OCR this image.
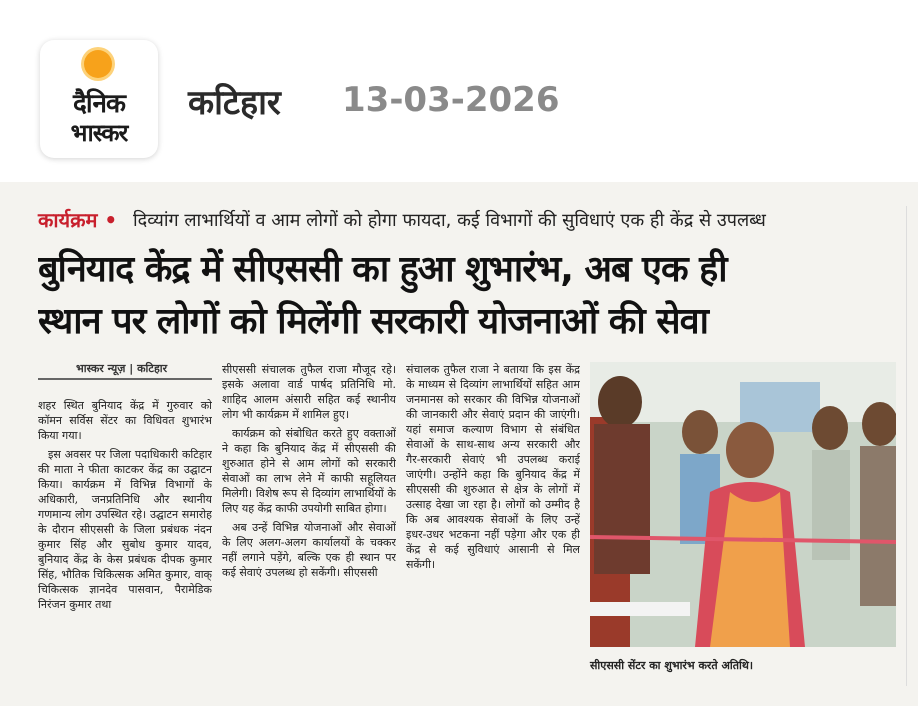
दैनिक
भास्कर
कटिहार 13-03-2026
कार्यक्रम • दिव्यांग लाभार्थियों व आम लोगों को होगा फायदा, कई विभागों की सुविधाएं एक ही केंद्र से उपलब्ध
बुनियाद केंद्र में सीएससी का हुआ शुभारंभ, अब एक ही
स्थान पर लोगों को मिलेंगी सरकारी योजनाओं की सेवा
भास्कर न्यूज़ | कटिहार

शहर स्थित बुनियाद केंद्र में गुरुवार को कॉमन सर्विस सेंटर का विधिवत शुभारंभ किया गया।

इस अवसर पर जिला पदाधिकारी कटिहार की माता ने फीता काटकर केंद्र का उद्घाटन किया। कार्यक्रम में विभिन्न विभागों के अधिकारी, जनप्रतिनिधि और स्थानीय गणमान्य लोग उपस्थित रहे। उद्घाटन समारोह के दौरान सीएससी के जिला प्रबंधक नंदन कुमार सिंह और सुबोध कुमार यादव, बुनियाद केंद्र के केस प्रबंधक दीपक कुमार सिंह, भौतिक चिकित्सक अमित कुमार, वाक् चिकित्सक ज्ञानदेव पासवान, पैरामेडिक निरंजन कुमार तथा

सीएससी संचालक तुफैल राजा मौजूद रहे। इसके अलावा वार्ड पार्षद प्रतिनिधि मो. शाहिद आलम अंसारी सहित कई स्थानीय लोग भी कार्यक्रम में शामिल हुए।

कार्यक्रम को संबोधित करते हुए वक्ताओं ने कहा कि बुनियाद केंद्र में सीएससी की शुरुआत होने से आम लोगों को सरकारी सेवाओं का लाभ लेने में काफी सहूलियत मिलेगी। विशेष रूप से दिव्यांग लाभार्थियों के लिए यह केंद्र काफी उपयोगी साबित होगा।

अब उन्हें विभिन्न योजनाओं और सेवाओं के लिए अलग-अलग कार्यालयों के चक्कर नहीं लगाने पड़ेंगे, बल्कि एक ही स्थान पर कई सेवाएं उपलब्ध हो सकेंगी। सीएससी

संचालक तुफैल राजा ने बताया कि इस केंद्र के माध्यम से दिव्यांग लाभार्थियों सहित आम जनमानस को सरकार की विभिन्न योजनाओं की जानकारी और सेवाएं प्रदान की जाएंगी। यहां समाज कल्याण विभाग से संबंधित सेवाओं के साथ-साथ अन्य सरकारी और गैर-सरकारी सेवाएं भी उपलब्ध कराई जाएंगी। उन्होंने कहा कि बुनियाद केंद्र में सीएससी की शुरुआत से क्षेत्र के लोगों में उत्साह देखा जा रहा है। लोगों को उम्मीद है कि अब आवश्यक सेवाओं के लिए उन्हें इधर-उधर भटकना नहीं पड़ेगा और एक ही केंद्र से कई सुविधाएं आसानी से मिल सकेंगी।

सीएससी सेंटर का शुभारंभ करते अतिथि।
